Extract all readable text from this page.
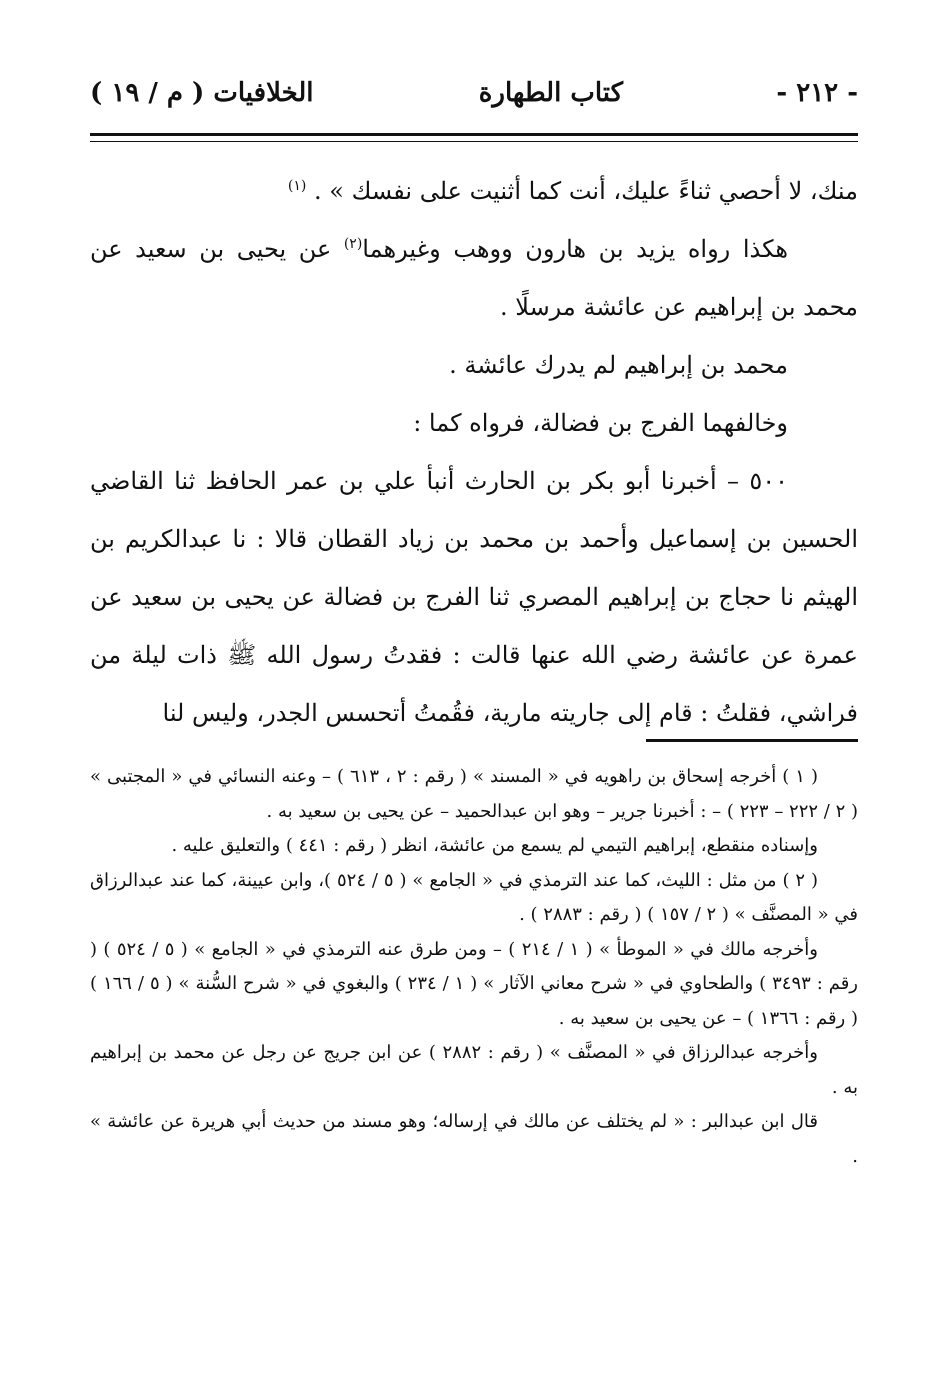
- ٢١٢ -
كتاب الطهارة
الخلافيات ( م / ١٩ )

منك، لا أحصي ثناءً عليك، أنت كما أثنيت على نفسك » . $^{(١)}$

هكذا رواه يزيد بن هارون ووهب وغيرهما$^{(٢)}$ عن يحيى بن سعيد عن محمد بن إبراهيم عن عائشة مرسلًا .

محمد بن إبراهيم لم يدرك عائشة .

وخالفهما الفرج بن فضالة، فرواه كما :

٥٠٠ – أخبرنا أبو بكر بن الحارث أنبأ علي بن عمر الحافظ ثنا القاضي الحسين بن إسماعيل وأحمد بن محمد بن زياد القطان قالا : نا عبدالكريم بن الهيثم نا حجاج بن إبراهيم المصري ثنا الفرج بن فضالة عن يحيى بن سعيد عن عمرة عن عائشة رضي الله عنها قالت : فقدتُ رسول الله ﷺ ذات ليلة من فراشي، فقلتُ : قام إلى جاريته مارية، فقُمتُ أتحسس الجدر، وليس لنا

( ١ ) أخرجه إسحاق بن راهويه في « المسند » ( رقم : ٢ ، ٦١٣ ) – وعنه النسائي في « المجتبى » ( ٢ / ٢٢٢ – ٢٢٣ ) – : أخبرنا جرير – وهو ابن عبدالحميد – عن يحيى بن سعيد به .

وإسناده منقطع، إبراهيم التيمي لم يسمع من عائشة، انظر ( رقم : ٤٤١ ) والتعليق عليه .

( ٢ ) من مثل : الليث، كما عند الترمذي في « الجامع » ( ٥ / ٥٢٤ )، وابن عيينة، كما عند عبدالرزاق في « المصنَّف » ( ٢ / ١٥٧ ) ( رقم : ٢٨٨٣ ) .

وأخرجه مالك في « الموطأ » ( ١ / ٢١٤ ) – ومن طرق عنه الترمذي في « الجامع » ( ٥ / ٥٢٤ ) ( رقم : ٣٤٩٣ ) والطحاوي في « شرح معاني الآثار » ( ١ / ٢٣٤ ) والبغوي في « شرح السُّنة » ( ٥ / ١٦٦ ) ( رقم : ١٣٦٦ ) – عن يحيى بن سعيد به .

وأخرجه عبدالرزاق في « المصنَّف » ( رقم : ٢٨٨٢ ) عن ابن جريج عن رجل عن محمد بن إبراهيم به .

قال ابن عبدالبر : « لم يختلف عن مالك في إرساله؛ وهو مسند من حديث أبي هريرة عن عائشة » .
